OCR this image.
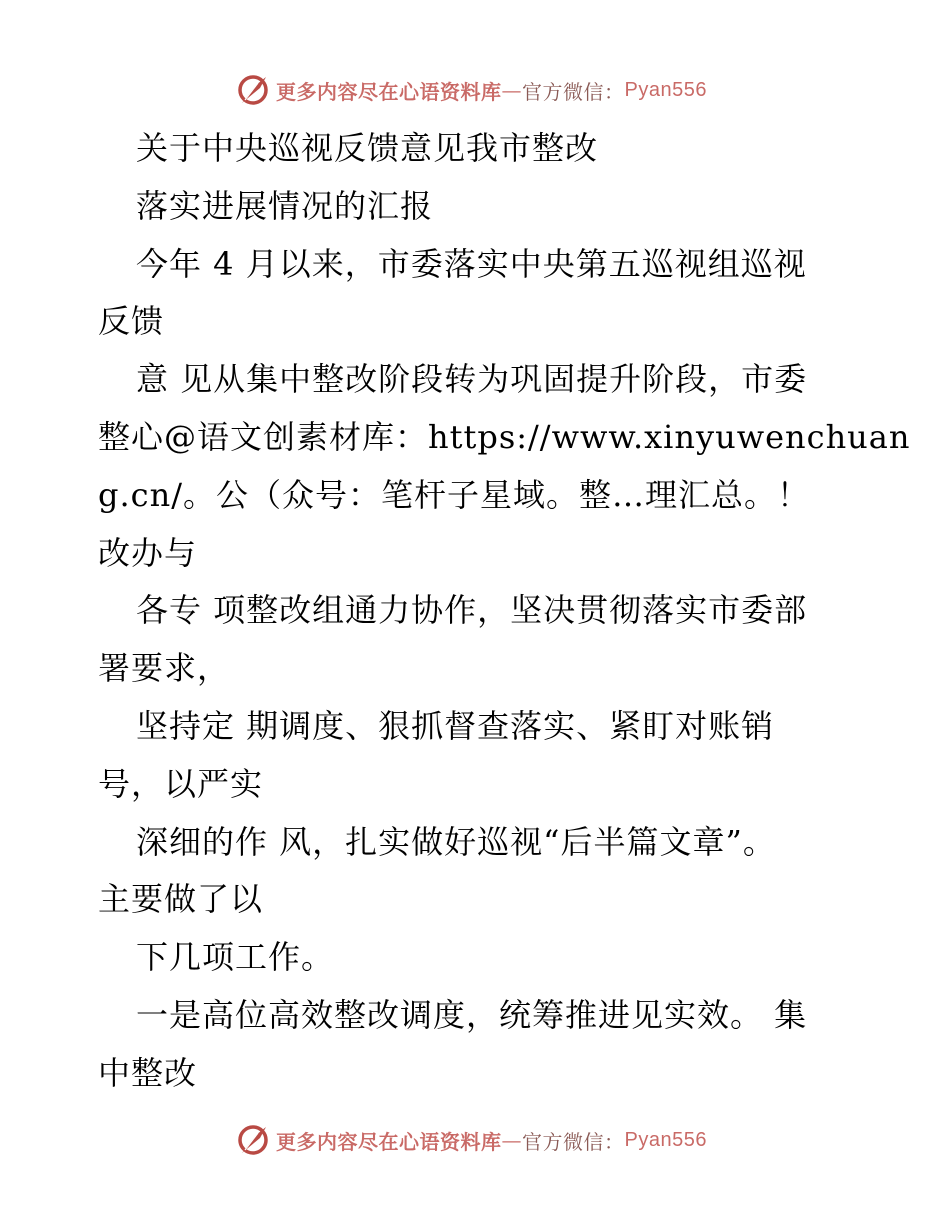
更多内容尽在心语资料库 — 官方微信： Pyan556
关于中央巡视反馈意见我市整改
落实进展情况的汇报
今年 4 月以来，市委落实中央第五巡视组巡视
反馈
意 见从集中整改阶段转为巩固提升阶段，市委
整心@语文创素材库：https://www.xinyuwenchuan
g.cn/。公（众号：笔杆子星域。整…理汇总。！
改办与
各专 项整改组通力协作，坚决贯彻落实市委部
署要求，
坚持定 期调度、狠抓督查落实、紧盯对账销
号，以严实
深细的作 风，扎实做好巡视“后半篇文章”。
主要做了以
下几项工作。
一是高位高效整改调度，统筹推进见实效。 集
中整改
更多内容尽在心语资料库 — 官方微信： Pyan556
